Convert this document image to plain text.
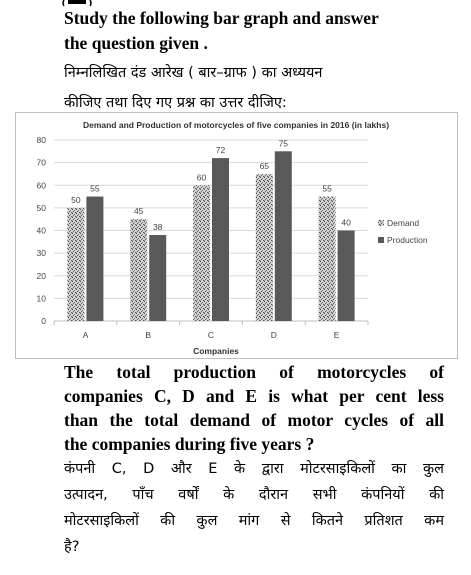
Study the following bar graph and answer
the question given .
निम्नलिखित दंड आरेख ( बार–ग्राफ ) का अध्ययन
कीजिए तथा दिए गए प्रश्न का उत्तर दीजिए:
Demand and Production of motorcycles of five companies in 2016 (in lakhs)
0
10
20
30
40
50
60
70
80
50
55
45
38
60
72
65
75
55
40
A	B	C	D	E
Companies
Demand
Production
The total production of motorcycles of
companies C, D and E is what per cent less
than the total demand of motor cycles of all
the companies during five years ?
कंपनी C, D और E के द्वारा मोटरसाइकिलों का कुल
उत्पादन, पाँच वर्षों के दौरान सभी कंपनियों की
मोटरसाइकिलों की कुल मांग से कितने प्रतिशत कम
है?
